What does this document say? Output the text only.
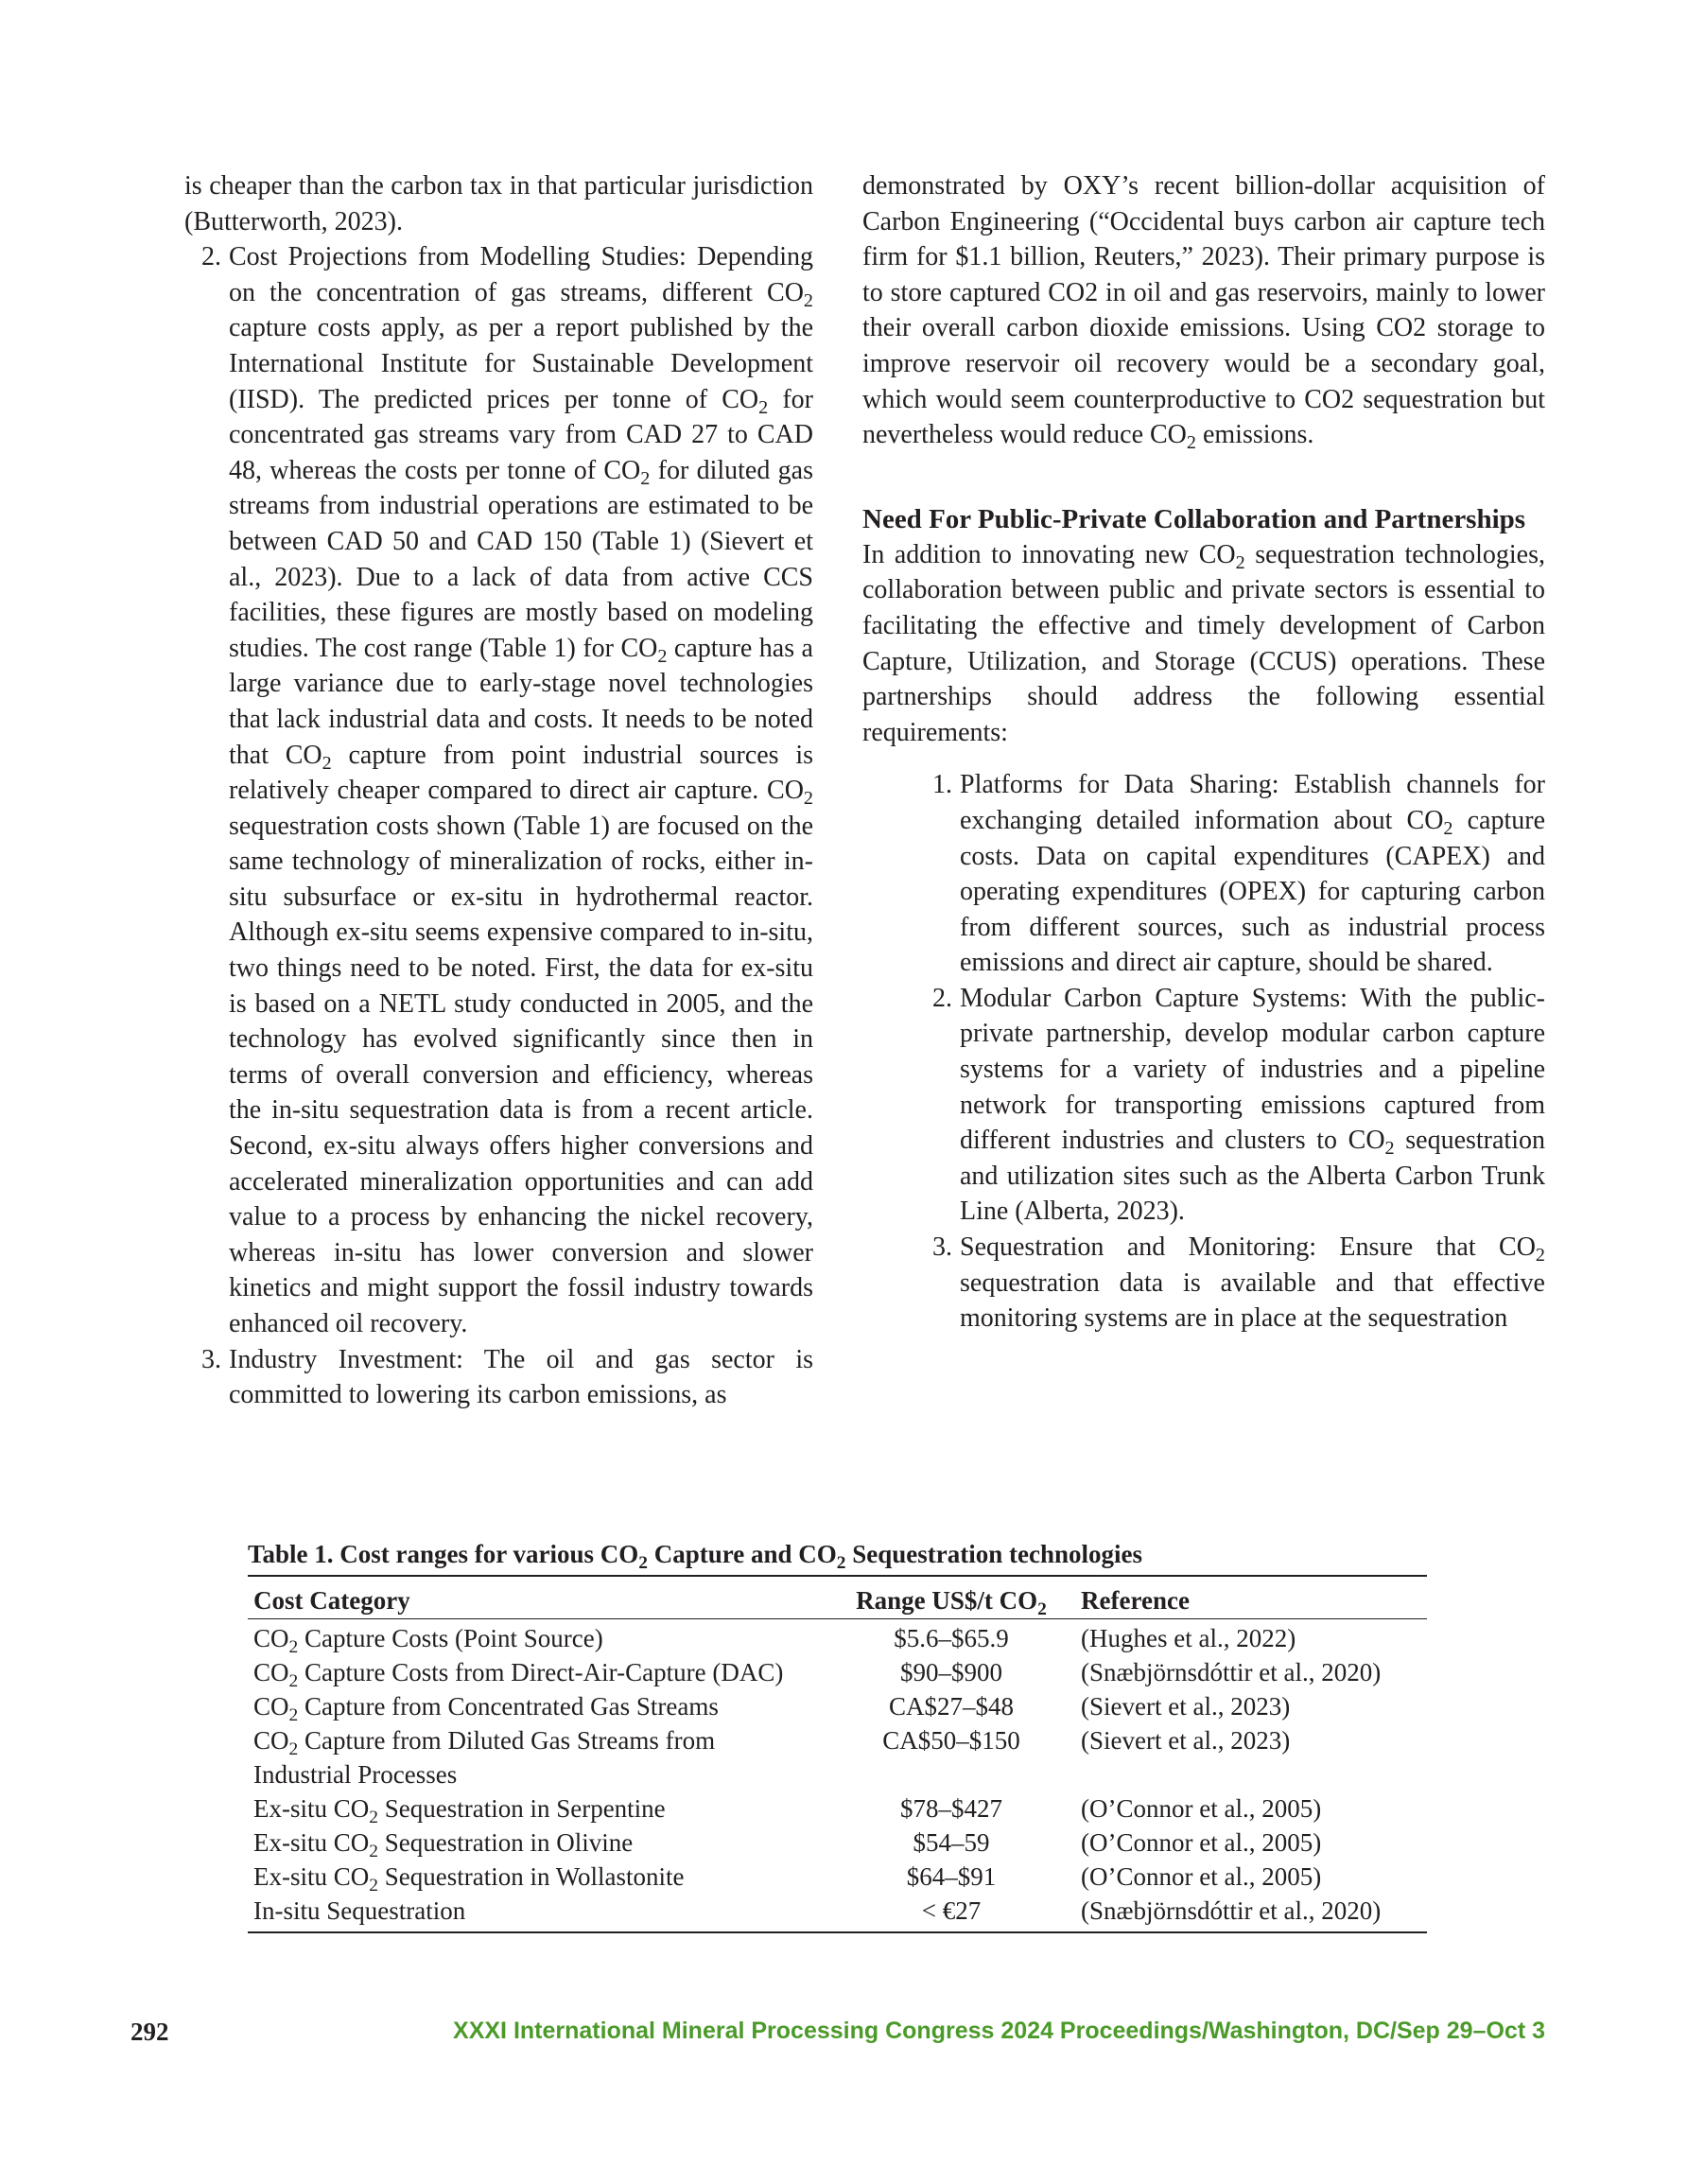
is cheaper than the carbon tax in that particular jurisdiction (Butterworth, 2023).

2. Cost Projections from Modelling Studies: Depending on the concentration of gas streams, different $CO_2$ capture costs apply, as per a report published by the International Institute for Sustainable Development (IISD). The predicted prices per tonne of $CO_2$ for concentrated gas streams vary from CAD 27 to CAD 48, whereas the costs per tonne of $CO_2$ for diluted gas streams from industrial operations are estimated to be between CAD 50 and CAD 150 (Table 1) (Sievert et al., 2023). Due to a lack of data from active CCS facilities, these figures are mostly based on modeling studies. The cost range (Table 1) for $CO_2$ capture has a large variance due to early-stage novel technologies that lack industrial data and costs. It needs to be noted that $CO_2$ capture from point industrial sources is relatively cheaper compared to direct air capture. $CO_2$ sequestration costs shown (Table 1) are focused on the same technology of mineralization of rocks, either in-situ subsurface or ex-situ in hydrothermal reactor. Although ex-situ seems expensive compared to in-situ, two things need to be noted. First, the data for ex-situ is based on a NETL study conducted in 2005, and the technology has evolved significantly since then in terms of overall conversion and efficiency, whereas the in-situ sequestration data is from a recent article. Second, ex-situ always offers higher conversions and accelerated mineralization opportunities and can add value to a process by enhancing the nickel recovery, whereas in-situ has lower conversion and slower kinetics and might support the fossil industry towards enhanced oil recovery.
3. Industry Investment: The oil and gas sector is committed to lowering its carbon emissions, as

demonstrated by OXY’s recent billion-dollar acquisition of Carbon Engineering (“Occidental buys carbon air capture tech firm for $1.1 billion, Reuters,” 2023). Their primary purpose is to store captured CO2 in oil and gas reservoirs, mainly to lower their overall carbon dioxide emissions. Using CO2 storage to improve reservoir oil recovery would be a secondary goal, which would seem counterproductive to CO2 sequestration but nevertheless would reduce $CO_2$ emissions.

Need For Public-Private Collaboration and Partnerships

In addition to innovating new $CO_2$ sequestration technologies, collaboration between public and private sectors is essential to facilitating the effective and timely development of Carbon Capture, Utilization, and Storage (CCUS) operations. These partnerships should address the following essential requirements:

1. Platforms for Data Sharing: Establish channels for exchanging detailed information about $CO_2$ capture costs. Data on capital expenditures (CAPEX) and operating expenditures (OPEX) for capturing carbon from different sources, such as industrial process emissions and direct air capture, should be shared.
2. Modular Carbon Capture Systems: With the public-private partnership, develop modular carbon capture systems for a variety of industries and a pipeline network for transporting emissions captured from different industries and clusters to $CO_2$ sequestration and utilization sites such as the Alberta Carbon Trunk Line (Alberta, 2023).
3. Sequestration and Monitoring: Ensure that $CO_2$ sequestration data is available and that effective monitoring systems are in place at the sequestration
Table 1. Cost ranges for various $CO_2$ Capture and $CO_2$ Sequestration technologies
Cost Category	Range US$/t $CO_2$	Reference
$CO_2$ Capture Costs (Point Source)	$5.6–$65.9	(Hughes et al., 2022)
$CO_2$ Capture Costs from Direct-Air-Capture (DAC)	$90–$900	(Snæbjörnsdóttir et al., 2020)
$CO_2$ Capture from Concentrated Gas Streams	CA$27–$48	(Sievert et al., 2023)
$CO_2$ Capture from Diluted Gas Streams from
Industrial Processes	CA$50–$150	(Sievert et al., 2023)
Ex-situ $CO_2$ Sequestration in Serpentine	$78–$427	(O’Connor et al., 2005)
Ex-situ $CO_2$ Sequestration in Olivine	$54–59	(O’Connor et al., 2005)
Ex-situ $CO_2$ Sequestration in Wollastonite	$64–$91	(O’Connor et al., 2005)
In-situ Sequestration	< €27	(Snæbjörnsdóttir et al., 2020)
292	XXXI International Mineral Processing Congress 2024 Proceedings/Washington, DC/Sep 29–Oct 3
